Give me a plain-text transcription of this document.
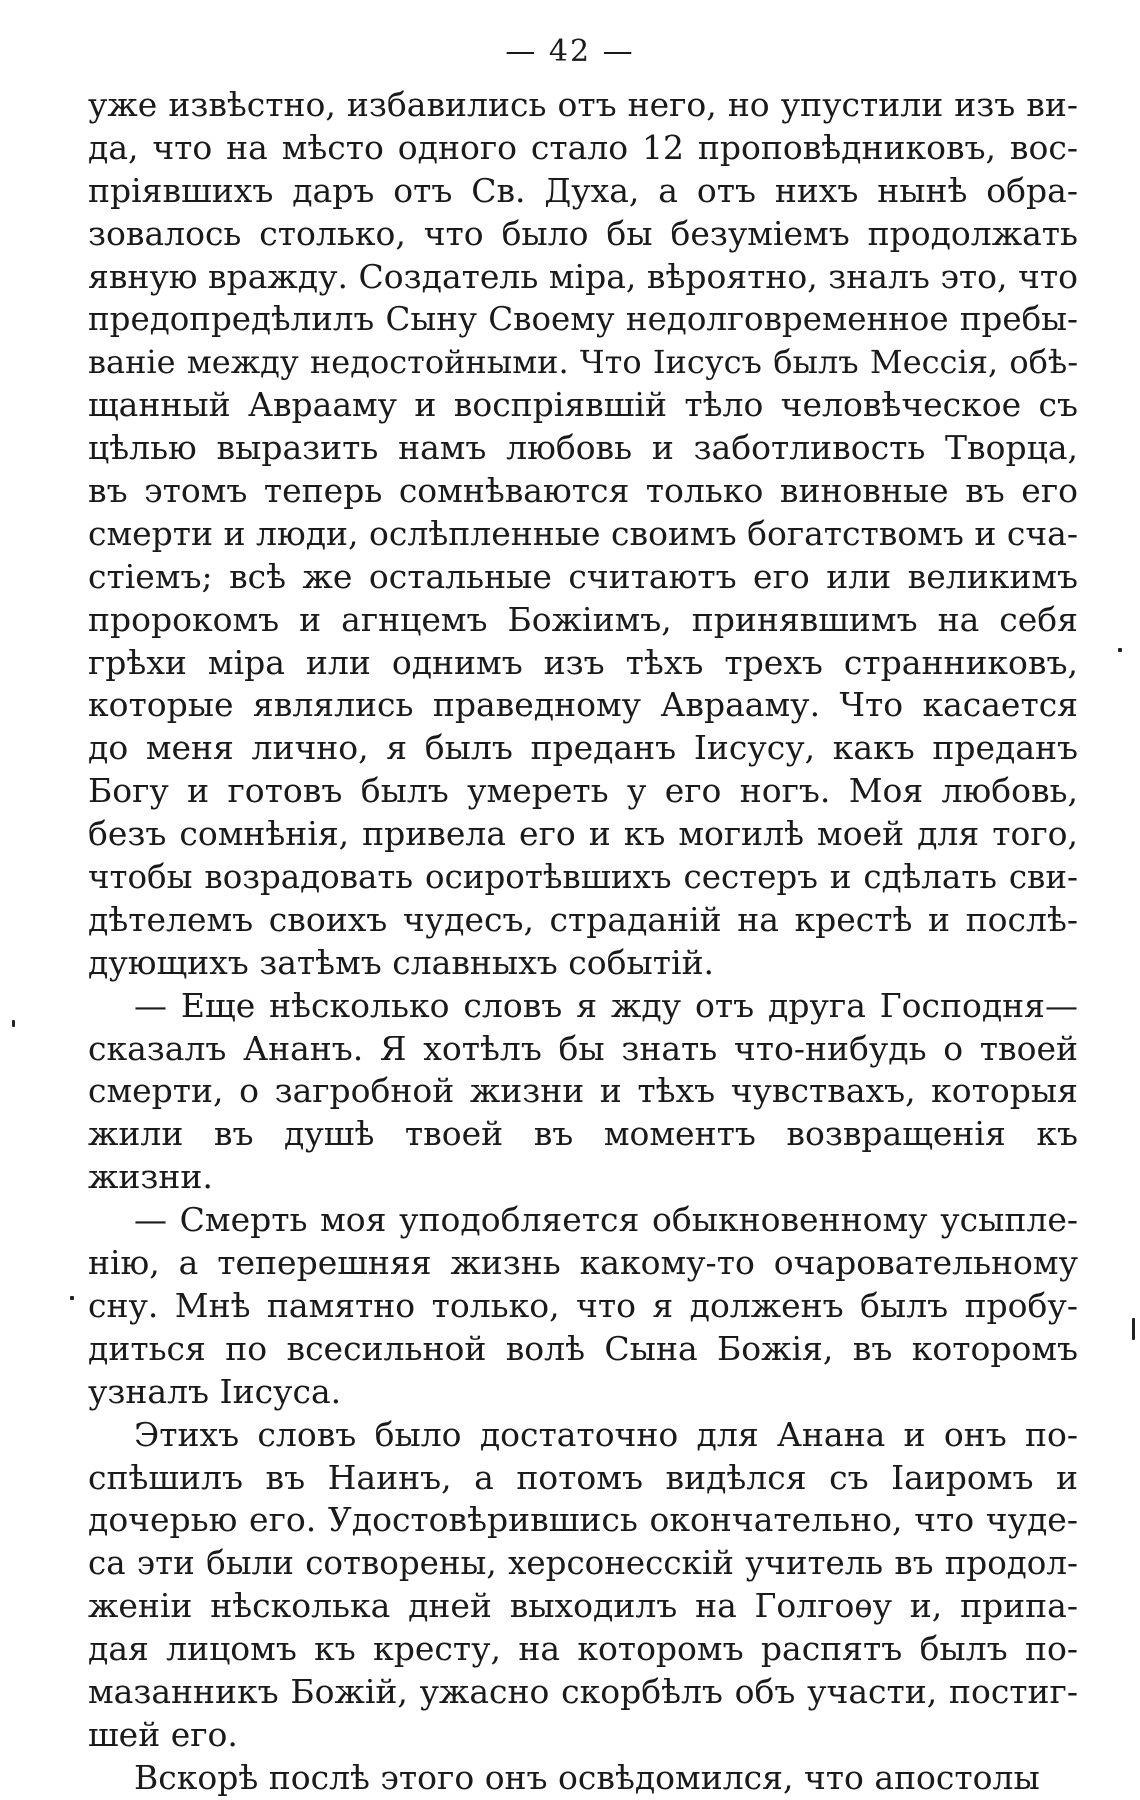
— 42 —
уже извѣстно, избавились отъ него, но упустили изъ ви-
да, что на мѣсто одного стало 12 проповѣдниковъ, вос-
пріявшихъ даръ отъ Св. Духа, а отъ нихъ нынѣ обра-
зовалось столько, что было бы безуміемъ продолжать
явную вражду. Создатель міра, вѣроятно, зналъ это, что
предопредѣлилъ Сыну Своему недолговременное пребы-
ваніе между недостойными. Что Іисусъ былъ Мессія, обѣ-
щанный Аврааму и воспріявшій тѣло человѣческое съ
цѣлью выразить намъ любовь и заботливость Творца,
въ этомъ теперь сомнѣваются только виновные въ его
смерти и люди, ослѣпленные своимъ богатствомъ и сча-
стіемъ; всѣ же остальные считаютъ его или великимъ
пророкомъ и агнцемъ Божіимъ, принявшимъ на себя
грѣхи міра или однимъ изъ тѣхъ трехъ странниковъ,
которые являлись праведному Аврааму. Что касается
до меня лично, я былъ преданъ Іисусу, какъ преданъ
Богу и готовъ былъ умереть у его ногъ. Моя любовь,
безъ сомнѣнія, привела его и къ могилѣ моей для того,
чтобы возрадовать осиротѣвшихъ сестеръ и сдѣлать сви-
дѣтелемъ своихъ чудесъ, страданій на крестѣ и послѣ-
дующихъ затѣмъ славныхъ событій.
— Еще нѣсколько словъ я жду отъ друга Господня—
сказалъ Ананъ. Я хотѣлъ бы знать что-нибудь о твоей
смерти, о загробной жизни и тѣхъ чувствахъ, которыя
жили въ душѣ твоей въ моментъ возвращенія къ
жизни.
— Смерть моя уподобляется обыкновенному усыпле-
нію, а теперешняя жизнь какому-то очаровательному
сну. Мнѣ памятно только, что я долженъ былъ пробу-
диться по всесильной волѣ Сына Божія, въ которомъ
узналъ Іисуса.
Этихъ словъ было достаточно для Анана и онъ по-
спѣшилъ въ Наинъ, а потомъ видѣлся съ Іаиромъ и
дочерью его. Удостовѣрившись окончательно, что чуде-
са эти были сотворены, херсонесскій учитель въ продол-
женіи нѣсколька дней выходилъ на Голгоѳу и, припа-
дая лицомъ къ кресту, на которомъ распятъ былъ по-
мазанникъ Божій, ужасно скорбѣлъ объ участи, постиг-
шей его.
Вскорѣ послѣ этого онъ освѣдомился, что апостолы
